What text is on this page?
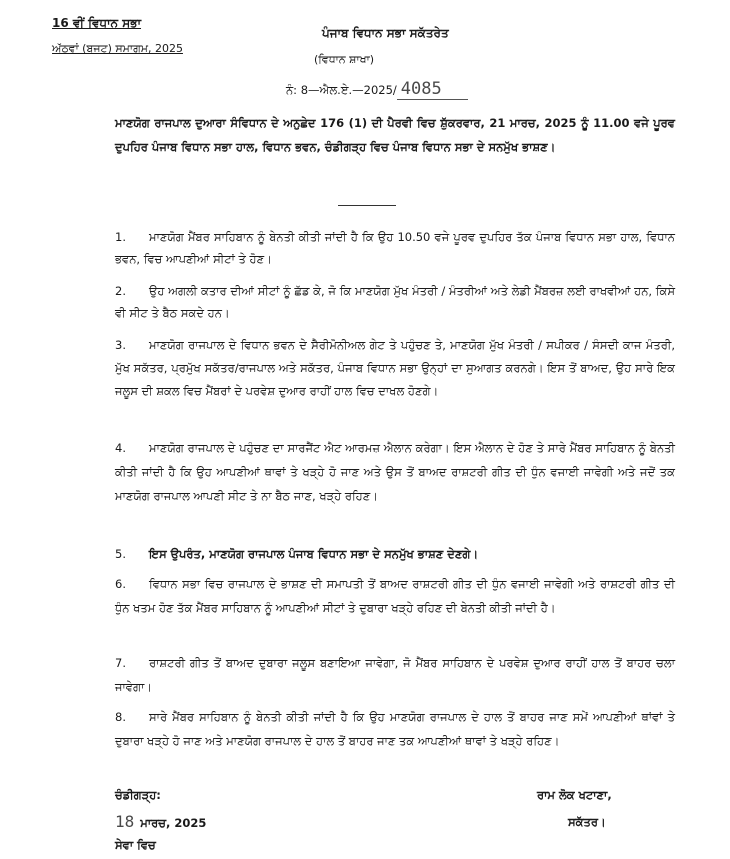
16 ਵੀਂ ਵਿਧਾਨ ਸਭਾ
ਅੱਠਵਾਂ (ਬਜਟ) ਸਮਾਗਮ, 2025
ਪੰਜਾਬ ਵਿਧਾਨ ਸਭਾ ਸਕੱਤਰੇਤ
(ਵਿਧਾਨ ਸ਼ਾਖਾ)
ਨੰ: 8—ਐਲ.ਏ.—2025/ 4085
ਮਾਣਯੋਗ ਰਾਜਪਾਲ ਦੁਆਰਾ ਸੰਵਿਧਾਨ ਦੇ ਅਨੁਛੇਦ 176 (1) ਦੀ ਪੈਰਵੀ ਵਿਚ ਸ਼ੁੱਕਰਵਾਰ, 21 ਮਾਰਚ, 2025 ਨੂੰ 11.00 ਵਜੇ ਪੂਰਵ ਦੁਪਹਿਰ ਪੰਜਾਬ ਵਿਧਾਨ ਸਭਾ ਹਾਲ, ਵਿਧਾਨ ਭਵਨ, ਚੰਡੀਗੜ੍ਹ ਵਿਚ ਪੰਜਾਬ ਵਿਧਾਨ ਸਭਾ ਦੇ ਸਨਮੁੱਖ ਭਾਸ਼ਣ।
1. ਮਾਣਯੋਗ ਮੈਂਬਰ ਸਾਹਿਬਾਨ ਨੂੰ ਬੇਨਤੀ ਕੀਤੀ ਜਾਂਦੀ ਹੈ ਕਿ ਉਹ 10.50 ਵਜੇ ਪੂਰਵ ਦੁਪਹਿਰ ਤੱਕ ਪੰਜਾਬ ਵਿਧਾਨ ਸਭਾ ਹਾਲ, ਵਿਧਾਨ ਭਵਨ, ਵਿਚ ਆਪਣੀਆਂ ਸੀਟਾਂ ਤੇ ਹੋਣ।
2. ਉਹ ਅਗਲੀ ਕਤਾਰ ਦੀਆਂ ਸੀਟਾਂ ਨੂੰ ਛੱਡ ਕੇ, ਜੋ ਕਿ ਮਾਣਯੋਗ ਮੁੱਖ ਮੰਤਰੀ / ਮੰਤਰੀਆਂ ਅਤੇ ਲੇਡੀ ਮੈਂਬਰਜ਼ ਲਈ ਰਾਖਵੀਆਂ ਹਨ, ਕਿਸੇ ਵੀ ਸੀਟ ਤੇ ਬੈਠ ਸਕਦੇ ਹਨ।
3. ਮਾਣਯੋਗ ਰਾਜਪਾਲ ਦੇ ਵਿਧਾਨ ਭਵਨ ਦੇ ਸੈਰੀਮੋਨੀਅਲ ਗੇਟ ਤੇ ਪਹੁੰਚਣ ਤੇ, ਮਾਣਯੋਗ ਮੁੱਖ ਮੰਤਰੀ / ਸਪੀਕਰ / ਸੰਸਦੀ ਕਾਜ ਮੰਤਰੀ, ਮੁੱਖ ਸਕੱਤਰ, ਪ੍ਰਮੁੱਖ ਸਕੱਤਰ/ਰਾਜਪਾਲ ਅਤੇ ਸਕੱਤਰ, ਪੰਜਾਬ ਵਿਧਾਨ ਸਭਾ ਉਨ੍ਹਾਂ ਦਾ ਸੁਆਗਤ ਕਰਨਗੇ। ਇਸ ਤੋਂ ਬਾਅਦ, ਉਹ ਸਾਰੇ ਇਕ ਜਲੂਸ ਦੀ ਸ਼ਕਲ ਵਿਚ ਮੈਂਬਰਾਂ ਦੇ ਪਰਵੇਸ਼ ਦੁਆਰ ਰਾਹੀਂ ਹਾਲ ਵਿਚ ਦਾਖਲ ਹੋਣਗੇ।
4. ਮਾਣਯੋਗ ਰਾਜਪਾਲ ਦੇ ਪਹੁੰਚਣ ਦਾ ਸਾਰਜੈਂਟ ਐਟ ਆਰਮਜ਼ ਐਲਾਨ ਕਰੇਗਾ। ਇਸ ਐਲਾਨ ਦੇ ਹੋਣ ਤੇ ਸਾਰੇ ਮੈਂਬਰ ਸਾਹਿਬਾਨ ਨੂੰ ਬੇਨਤੀ ਕੀਤੀ ਜਾਂਦੀ ਹੈ ਕਿ ਉਹ ਆਪਣੀਆਂ ਥਾਵਾਂ ਤੇ ਖੜ੍ਹੇ ਹੋ ਜਾਣ ਅਤੇ ਉਸ ਤੋਂ ਬਾਅਦ ਰਾਸ਼ਟਰੀ ਗੀਤ ਦੀ ਧੁੰਨ ਵਜਾਈ ਜਾਵੇਗੀ ਅਤੇ ਜਦੋਂ ਤਕ ਮਾਣਯੋਗ ਰਾਜਪਾਲ ਆਪਣੀ ਸੀਟ ਤੇ ਨਾ ਬੈਠ ਜਾਣ, ਖੜ੍ਹੇ ਰਹਿਣ।
5. ਇਸ ਉਪਰੰਤ, ਮਾਣਯੋਗ ਰਾਜਪਾਲ ਪੰਜਾਬ ਵਿਧਾਨ ਸਭਾ ਦੇ ਸਨਮੁੱਖ ਭਾਸ਼ਣ ਦੇਣਗੇ।
6. ਵਿਧਾਨ ਸਭਾ ਵਿਚ ਰਾਜਪਾਲ ਦੇ ਭਾਸ਼ਣ ਦੀ ਸਮਾਪਤੀ ਤੋਂ ਬਾਅਦ ਰਾਸ਼ਟਰੀ ਗੀਤ ਦੀ ਧੁੰਨ ਵਜਾਈ ਜਾਵੇਗੀ ਅਤੇ ਰਾਸ਼ਟਰੀ ਗੀਤ ਦੀ ਧੁੰਨ ਖਤਮ ਹੋਣ ਤੱਕ ਮੈਂਬਰ ਸਾਹਿਬਾਨ ਨੂੰ ਆਪਣੀਆਂ ਸੀਟਾਂ ਤੇ ਦੁਬਾਰਾ ਖੜ੍ਹੇ ਰਹਿਣ ਦੀ ਬੇਨਤੀ ਕੀਤੀ ਜਾਂਦੀ ਹੈ।
7. ਰਾਸ਼ਟਰੀ ਗੀਤ ਤੋਂ ਬਾਅਦ ਦੁਬਾਰਾ ਜਲੂਸ ਬਣਾਇਆ ਜਾਵੇਗਾ, ਜੋ ਮੈਂਬਰ ਸਾਹਿਬਾਨ ਦੇ ਪਰਵੇਸ਼ ਦੁਆਰ ਰਾਹੀਂ ਹਾਲ ਤੋਂ ਬਾਹਰ ਚਲਾ ਜਾਵੇਗਾ।
8. ਸਾਰੇ ਮੈਂਬਰ ਸਾਹਿਬਾਨ ਨੂੰ ਬੇਨਤੀ ਕੀਤੀ ਜਾਂਦੀ ਹੈ ਕਿ ਉਹ ਮਾਣਯੋਗ ਰਾਜਪਾਲ ਦੇ ਹਾਲ ਤੋਂ ਬਾਹਰ ਜਾਣ ਸਮੇਂ ਆਪਣੀਆਂ ਥਾਂਵਾਂ ਤੇ ਦੁਬਾਰਾ ਖੜ੍ਹੇ ਹੋ ਜਾਣ ਅਤੇ ਮਾਣਯੋਗ ਰਾਜਪਾਲ ਦੇ ਹਾਲ ਤੋਂ ਬਾਹਰ ਜਾਣ ਤਕ ਆਪਣੀਆਂ ਥਾਵਾਂ ਤੇ ਖੜ੍ਹੇ ਰਹਿਣ।
ਚੰਡੀਗੜ੍ਹ:
18 ਮਾਰਚ, 2025
ਸੇਵਾ ਵਿਚ
ਰਾਮ ਲੋਕ ਖਟਾਣਾ,
ਸਕੱਤਰ।
